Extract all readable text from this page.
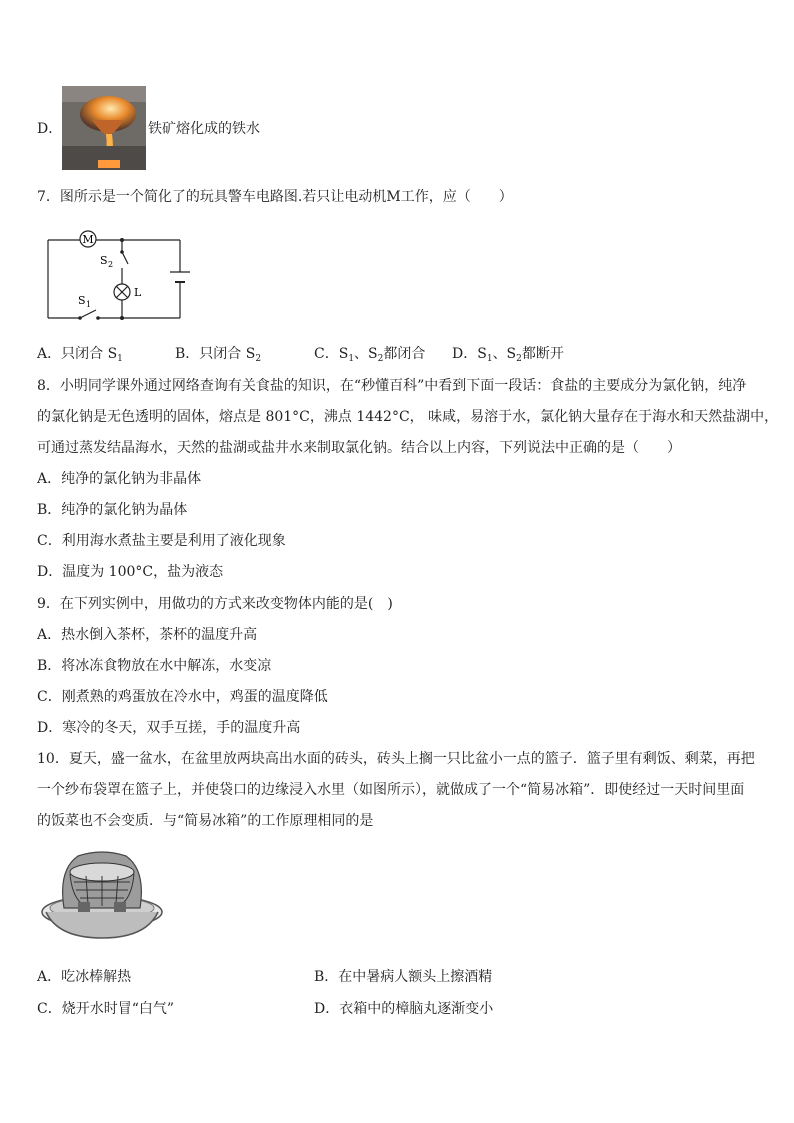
D．	铁矿熔化成的铁水
7．图所示是一个简化了的玩具警车电路图.若只让电动机M工作，应（　　）
M
S 2
L
S 1
A．只闭合 $S_1$	B．只闭合 $S_2$	C．$S_1$、$S_2$都闭合 D．$S_1$、$S_2$都断开
8．小明同学课外通过网络查询有关食盐的知识，在“秒懂百科”中看到下面一段话：食盐的主要成分为氯化钠，纯净
的氯化钠是无色透明的固体，熔点是 801°C，沸点 1442°C， 味咸，易溶于水，氯化钠大量存在于海水和天然盐湖中，
可通过蒸发结晶海水，天然的盐湖或盐井水来制取氯化钠。结合以上内容，下列说法中正确的是（　　）
A．纯净的氯化钠为非晶体
B．纯净的氯化钠为晶体
C．利用海水煮盐主要是利用了液化现象
D．温度为 100°C，盐为液态
9．在下列实例中，用做功的方式来改变物体内能的是(　)
A．热水倒入茶杯，茶杯的温度升高
B．将冰冻食物放在水中解冻，水变凉
C．刚煮熟的鸡蛋放在冷水中，鸡蛋的温度降低
D．寒冷的冬天，双手互搓，手的温度升高
10．夏天，盛一盆水，在盆里放两块高出水面的砖头，砖头上搁一只比盆小一点的篮子．篮子里有剩饭、剩菜，再把
一个纱布袋罩在篮子上，并使袋口的边缘浸入水里（如图所示），就做成了一个“简易冰箱”．即使经过一天时间里面
的饭菜也不会变质．与“简易冰箱”的工作原理相同的是
A．吃冰棒解热	B．在中暑病人额头上擦酒精
C．烧开水时冒“白气”	D．衣箱中的樟脑丸逐渐变小
